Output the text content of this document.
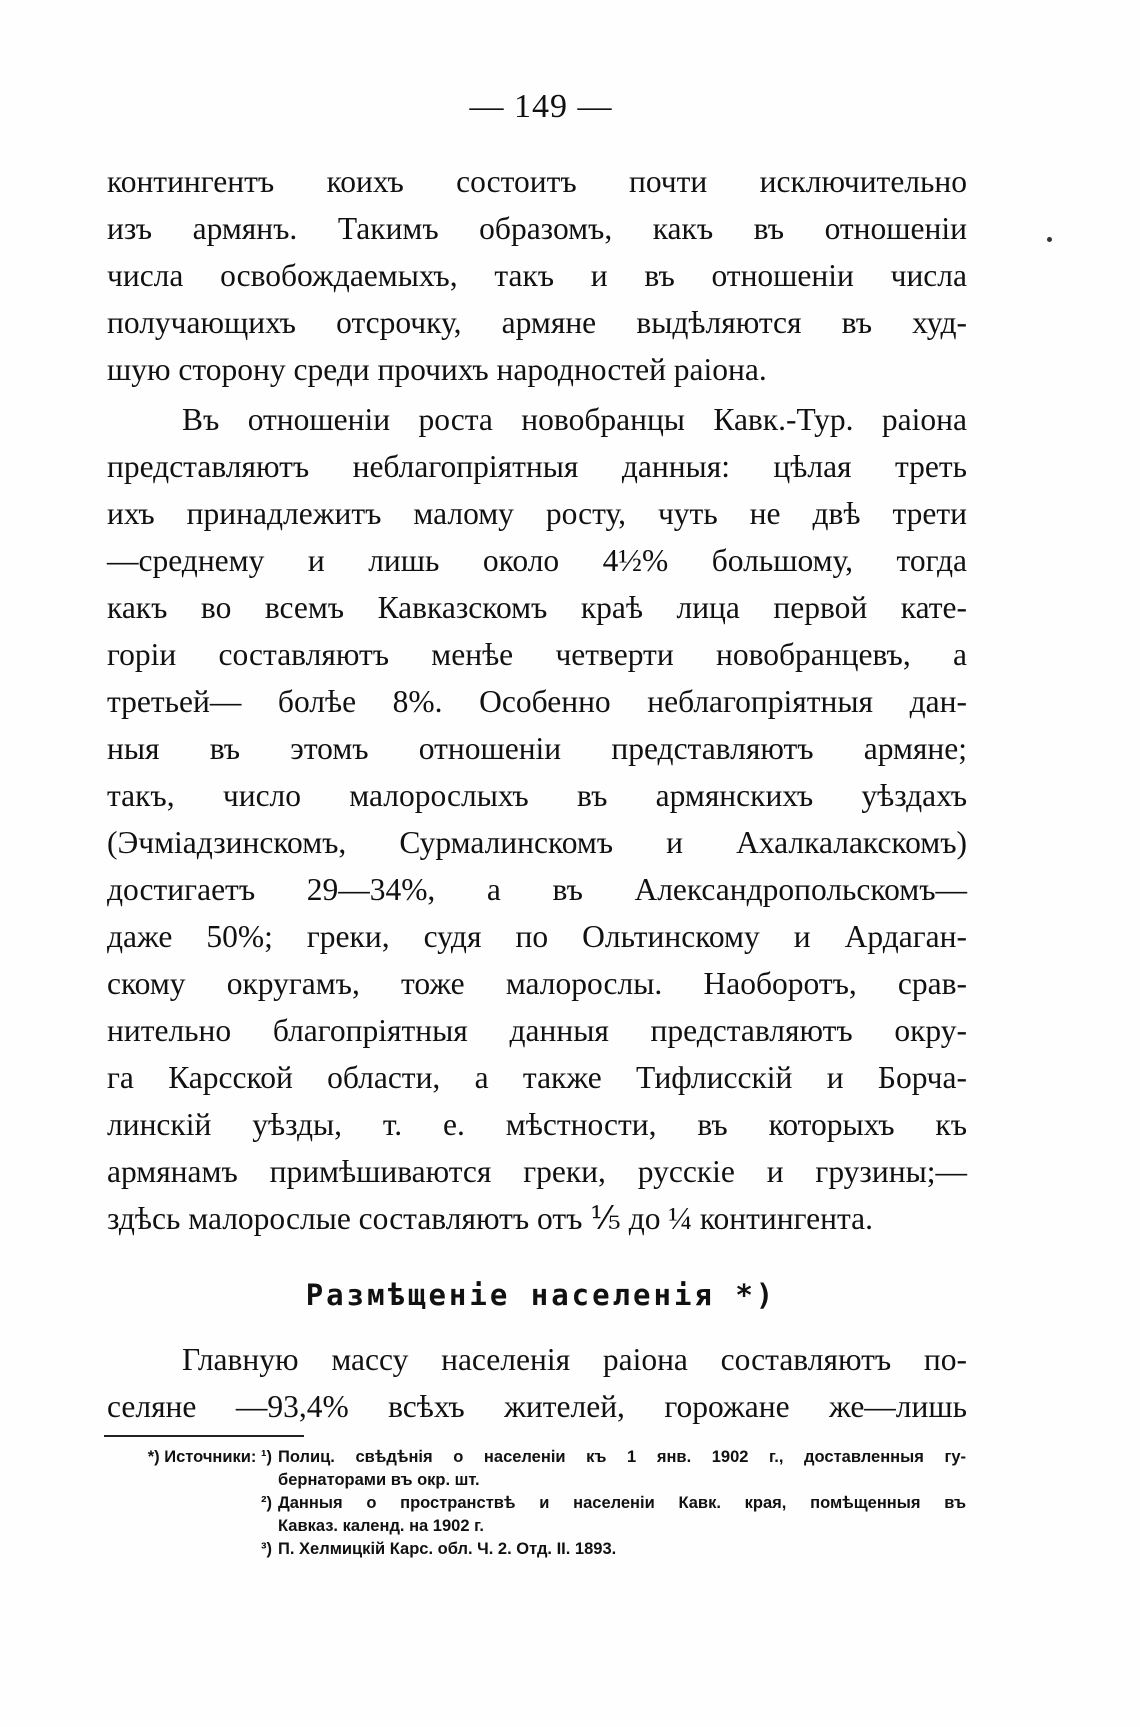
— 149 —
контингентъ коихъ состоитъ почти исключительно
изъ армянъ. Такимъ образомъ, какъ въ отношеніи
числа освобождаемыхъ, такъ и въ отношеніи числа
получающихъ отсрочку, армяне выдѣляются въ худ-
шую сторону среди прочихъ народностей раіона.
Въ отношеніи роста новобранцы Кавк.-Тур. раіона
представляютъ неблагопріятныя данныя: цѣлая треть
ихъ принадлежитъ малому росту, чуть не двѣ трети
—среднему и лишь около 4½% большому, тогда
какъ во всемъ Кавказскомъ краѣ лица первой кате-
горіи составляютъ менѣе четверти новобранцевъ, а
третьей— болѣе 8%. Особенно неблагопріятныя дан-
ныя въ этомъ отношеніи представляютъ армяне;
такъ, число малорослыхъ въ армянскихъ уѣздахъ
(Эчміадзинскомъ, Сурмалинскомъ и Ахалкалакскомъ)
достигаетъ 29—34%, а въ Александропольскомъ—
даже 50%; греки, судя по Ольтинскому и Ардаган-
скому округамъ, тоже малорослы. Наоборотъ, срав-
нительно благопріятныя данныя представляютъ окру-
га Карсской области, а также Тифлисскій и Борча-
линскій уѣзды, т. е. мѣстности, въ которыхъ къ
армянамъ примѣшиваются греки, русскіе и грузины;—
здѣсь малорослые составляютъ отъ ⅕ до ¼ контингента.
Размѣщеніе населенія *)
Главную массу населенія раіона составляютъ по-
селяне —93,4% всѣхъ жителей, горожане же—лишь
*) Источники: ¹) Полиц. свѣдѣнія о населеніи къ 1 янв. 1902 г., доставленныя гу-
бернаторами въ окр. шт.
²) Данныя о пространствѣ и населеніи Кавк. края, помѣщенныя въ
Кавказ. календ. на 1902 г.
³) П. Хелмицкій Карс. обл. Ч. 2. Отд. II. 1893.
